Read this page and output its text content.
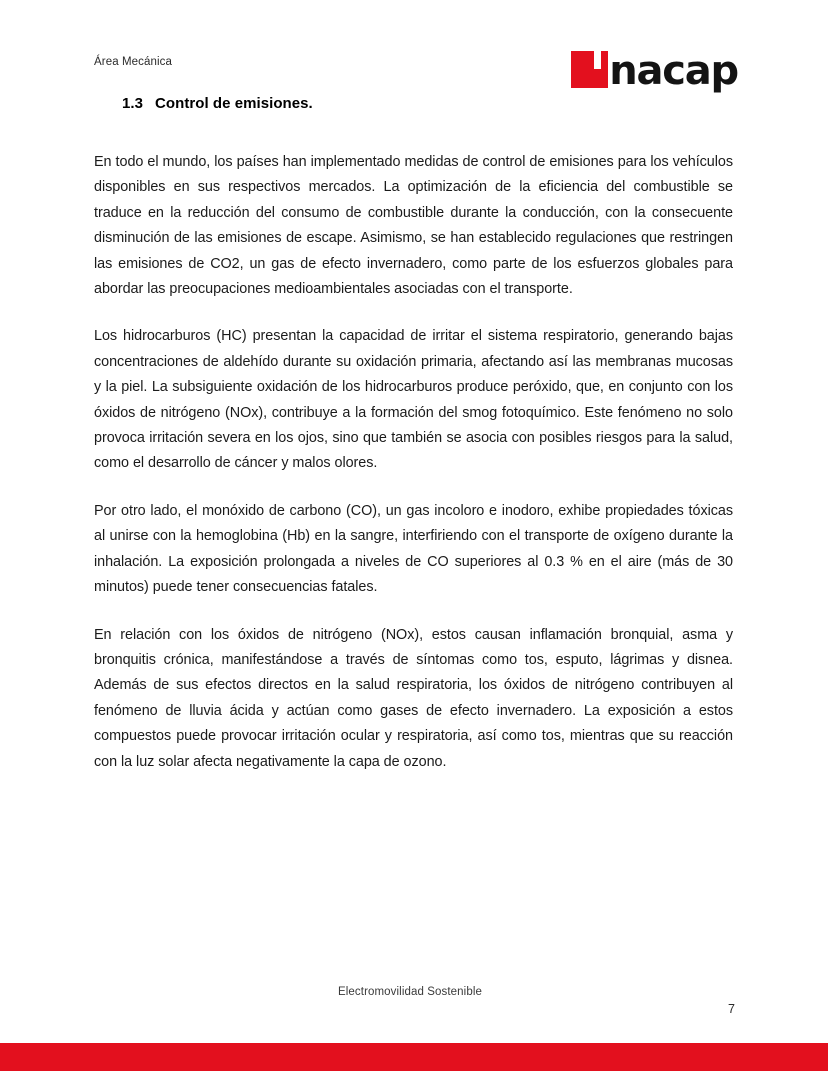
Área Mecánica	nacap
1.3 Control de emisiones.

En todo el mundo, los países han implementado medidas de control de emisiones para los vehículos disponibles en sus respectivos mercados. La optimización de la eficiencia del combustible se traduce en la reducción del consumo de combustible durante la conducción, con la consecuente disminución de las emisiones de escape. Asimismo, se han establecido regulaciones que restringen las emisiones de CO2, un gas de efecto invernadero, como parte de los esfuerzos globales para abordar las preocupaciones medioambientales asociadas con el transporte.

Los hidrocarburos (HC) presentan la capacidad de irritar el sistema respiratorio, generando bajas concentraciones de aldehído durante su oxidación primaria, afectando así las membranas mucosas y la piel. La subsiguiente oxidación de los hidrocarburos produce peróxido, que, en conjunto con los óxidos de nitrógeno (NOx), contribuye a la formación del smog fotoquímico. Este fenómeno no solo provoca irritación severa en los ojos, sino que también se asocia con posibles riesgos para la salud, como el desarrollo de cáncer y malos olores.

Por otro lado, el monóxido de carbono (CO), un gas incoloro e inodoro, exhibe propiedades tóxicas al unirse con la hemoglobina (Hb) en la sangre, interfiriendo con el transporte de oxígeno durante la inhalación. La exposición prolongada a niveles de CO superiores al 0.3 % en el aire (más de 30 minutos) puede tener consecuencias fatales.

En relación con los óxidos de nitrógeno (NOx), estos causan inflamación bronquial, asma y bronquitis crónica, manifestándose a través de síntomas como tos, esputo, lágrimas y disnea. Además de sus efectos directos en la salud respiratoria, los óxidos de nitrógeno contribuyen al fenómeno de lluvia ácida y actúan como gases de efecto invernadero. La exposición a estos compuestos puede provocar irritación ocular y respiratoria, así como tos, mientras que su reacción con la luz solar afecta negativamente la capa de ozono.

Electromovilidad Sostenible
7
